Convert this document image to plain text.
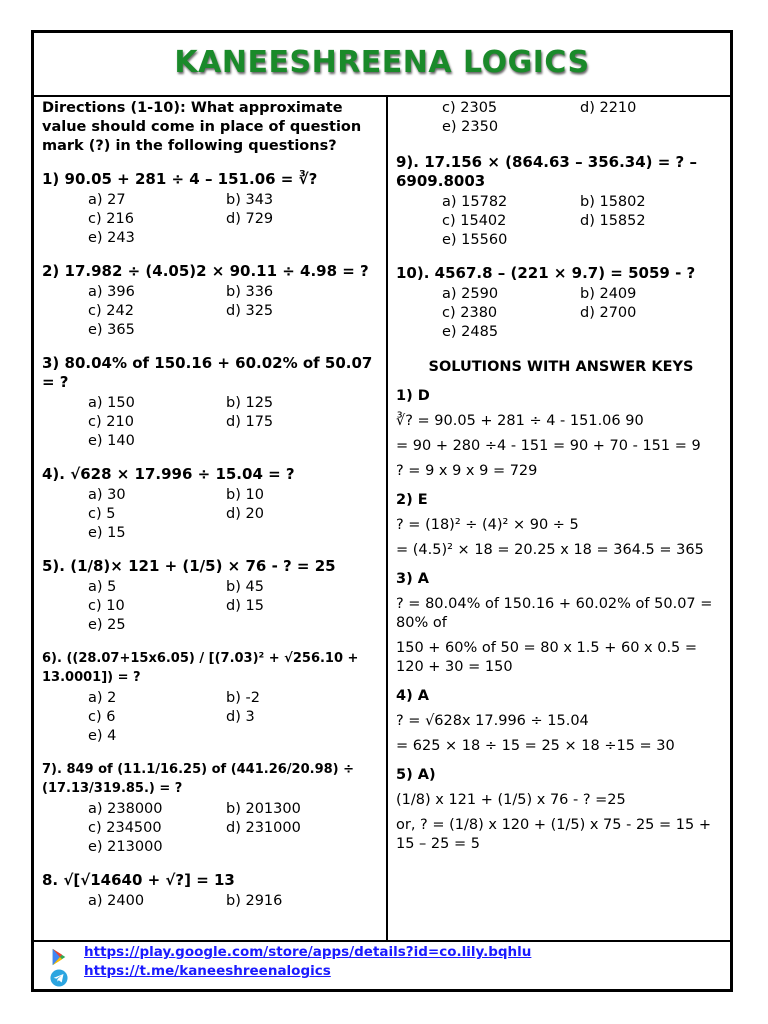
KANEESHREENA LOGICS
Directions (1-10): What approximate value should come in place of question mark (?) in the following questions?
1) 90.05 + 281 ÷ 4 – 151.06 = ∛?
a) 27	b) 343
c) 216	d) 729
e) 243
2) 17.982 ÷ (4.05)2 × 90.11 ÷ 4.98 = ?
a) 396	b) 336
c) 242	d) 325
e) 365
3) 80.04% of 150.16 + 60.02% of 50.07 = ?
a) 150	b) 125
c) 210	d) 175
e) 140
4). √628 × 17.996 ÷ 15.04 = ?
a) 30	b) 10
c) 5	d) 20
e) 15
5). (1/8)× 121 + (1/5) × 76 - ? = 25
a) 5	b) 45
c) 10	d) 15
e) 25
6). ((28.07+15x6.05) / [(7.03)² + √256.10 + 13.0001]) = ?
a) 2	b) -2
c) 6	d) 3
e) 4
7). 849 of (11.1/16.25) of (441.26/20.98) ÷ (17.13/319.85.) = ?
a) 238000	b) 201300
c) 234500	d) 231000
e) 213000
8. √[√14640 + √?] = 13
a) 2400	b) 2916
c) 2305	d) 2210
e) 2350
9). 17.156 × (864.63 – 356.34) = ? – 6909.8003
a) 15782	b) 15802
c) 15402	d) 15852
e) 15560
10). 4567.8 – (221 × 9.7) = 5059 - ?
a) 2590	b) 2409
c) 2380	d) 2700
e) 2485
SOLUTIONS WITH ANSWER KEYS
1) D
∛? = 90.05 + 281 ÷ 4 - 151.06 90
= 90 + 280 ÷4 - 151 = 90 + 70 - 151 = 9
? = 9 x 9 x 9 = 729
2) E
? = (18)² ÷ (4)² × 90 ÷ 5
= (4.5)² × 18 = 20.25 x 18 = 364.5 = 365
3) A
? = 80.04% of 150.16 + 60.02% of 50.07 = 80% of
150 + 60% of 50 = 80 x 1.5 + 60 x 0.5 = 120 + 30 = 150
4) A
? = √628x 17.996 ÷ 15.04
= 625 × 18 ÷ 15 = 25 × 18 ÷15 = 30
5) A)
(1/8) x 121 + (1/5) x 76 - ? =25
or, ? = (1/8) x 120 + (1/5) x 75 - 25 = 15 + 15 – 25 = 5
https://play.google.com/store/apps/details?id=co.lily.bqhlu
https://t.me/kaneeshreenalogics
